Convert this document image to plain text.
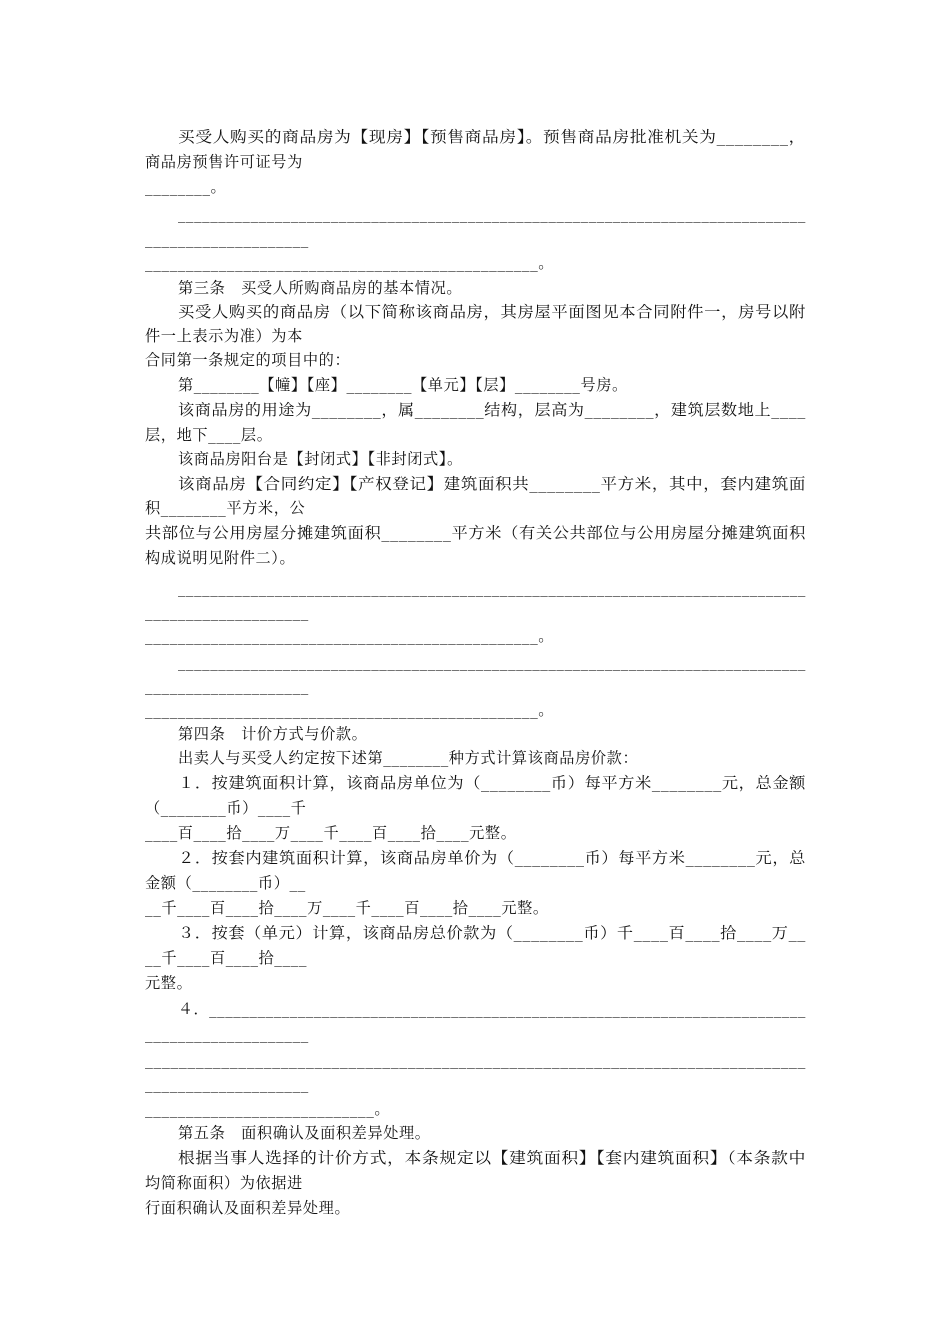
买受人购买的商品房为【现房】【预售商品房】。预售商品房批准机关为________，
商品房预售许可证号为
________。
______________________________________________________________________________
____________________
________________________________________________。
第三条　买受人所购商品房的基本情况。
买受人购买的商品房（以下简称该商品房，其房屋平面图见本合同附件一，房号以附
件一上表示为准）为本
合同第一条规定的项目中的：
第________【幢】【座】________【单元】【层】________号房。
该商品房的用途为________，属________结构，层高为________，建筑层数地上____
层，地下____层。
该商品房阳台是【封闭式】【非封闭式】。
该商品房【合同约定】【产权登记】建筑面积共________平方米，其中，套内建筑面
积________平方米，公
共部位与公用房屋分摊建筑面积________平方米（有关公共部位与公用房屋分摊建筑面积
构成说明见附件二）。
______________________________________________________________________________
____________________
________________________________________________。
______________________________________________________________________________
____________________
________________________________________________。
第四条　计价方式与价款。
出卖人与买受人约定按下述第________种方式计算该商品房价款：
１．按建筑面积计算，该商品房单位为（________币）每平方米________元，总金额
（________币）____千
____百____拾____万____千____百____拾____元整。
２．按套内建筑面积计算，该商品房单价为（________币）每平方米________元，总
金额（________币）__
__千____百____拾____万____千____百____拾____元整。
３．按套（单元）计算，该商品房总价款为（________币）千____百____拾____万__
__千____百____拾____
元整。
４．__________________________________________________________________________
____________________
______________________________________________________________________________
____________________
____________________________。
第五条　面积确认及面积差异处理。
根据当事人选择的计价方式，本条规定以【建筑面积】【套内建筑面积】（本条款中
均简称面积）为依据进
行面积确认及面积差异处理。
